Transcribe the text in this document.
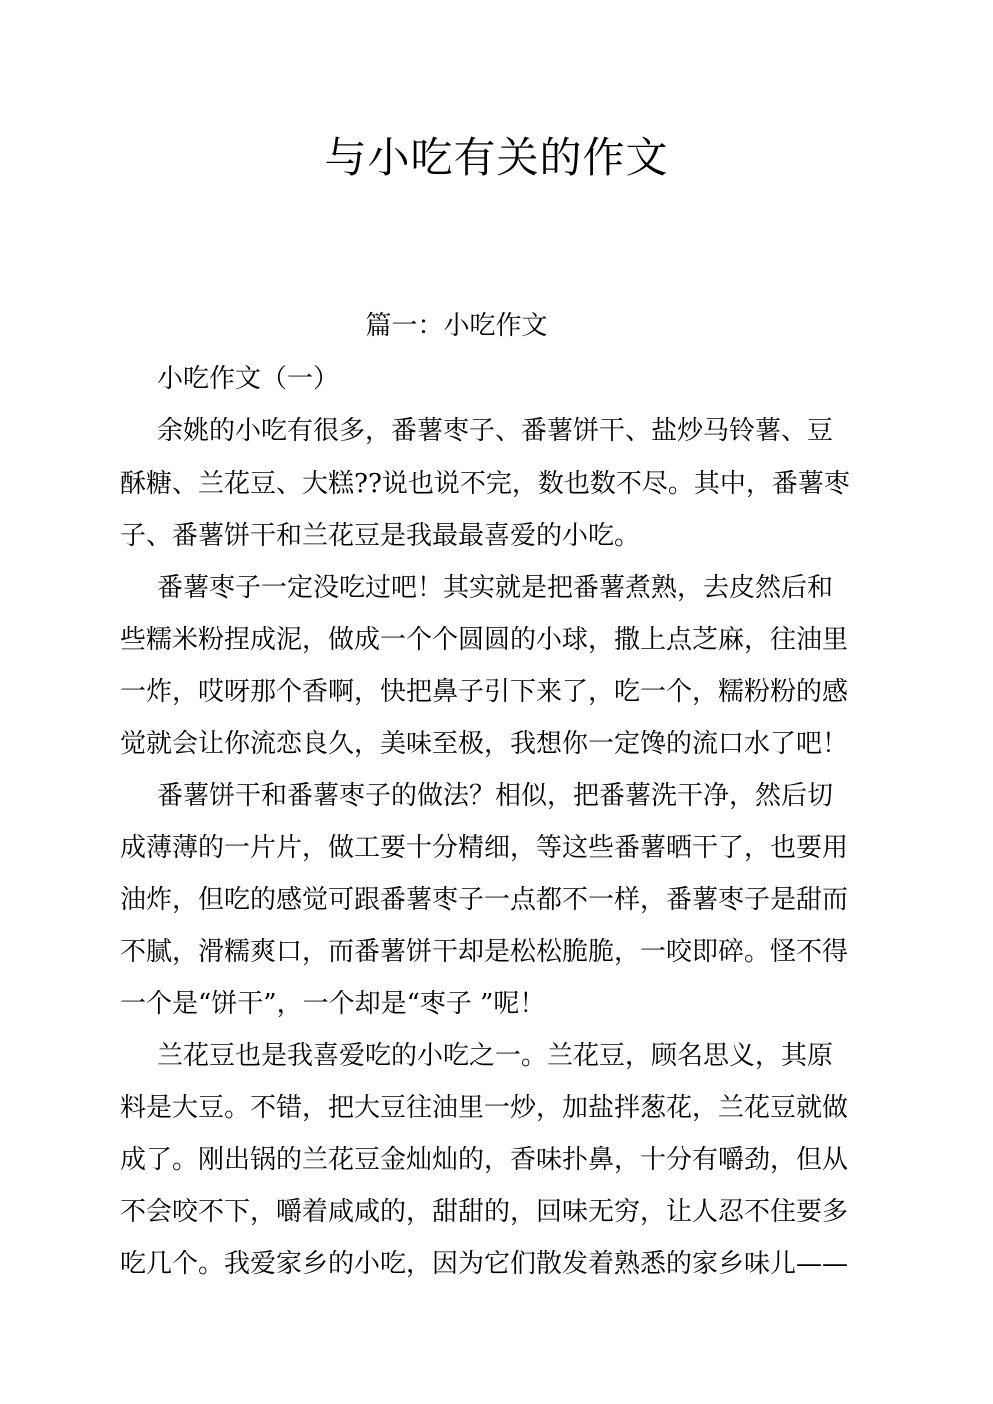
与小吃有关的作文
篇一：小吃作文
小吃作文（一）
余姚的小吃有很多，番薯枣子、番薯饼干、盐炒马铃薯、豆
酥糖、兰花豆、大糕??说也说不完，数也数不尽。其中，番薯枣
子、番薯饼干和兰花豆是我最最喜爱的小吃。
番薯枣子一定没吃过吧！其实就是把番薯煮熟，去皮然后和
些糯米粉捏成泥，做成一个个圆圆的小球，撒上点芝麻，往油里
一炸，哎呀那个香啊，快把鼻子引下来了，吃一个，糯粉粉的感
觉就会让你流恋良久，美味至极，我想你一定馋的流口水了吧！
番薯饼干和番薯枣子的做法？相似，把番薯洗干净，然后切
成薄薄的一片片，做工要十分精细，等这些番薯晒干了，也要用
油炸，但吃的感觉可跟番薯枣子一点都不一样，番薯枣子是甜而
不腻，滑糯爽口，而番薯饼干却是松松脆脆，一咬即碎。怪不得
一个是“饼干”，一个却是“枣子 ”呢！
兰花豆也是我喜爱吃的小吃之一。兰花豆，顾名思义，其原
料是大豆。不错，把大豆往油里一炒，加盐拌葱花，兰花豆就做
成了。刚出锅的兰花豆金灿灿的，香味扑鼻，十分有嚼劲，但从
不会咬不下，嚼着咸咸的，甜甜的，回味无穷，让人忍不住要多
吃几个。我爱家乡的小吃，因为它们散发着熟悉的家乡味儿——
